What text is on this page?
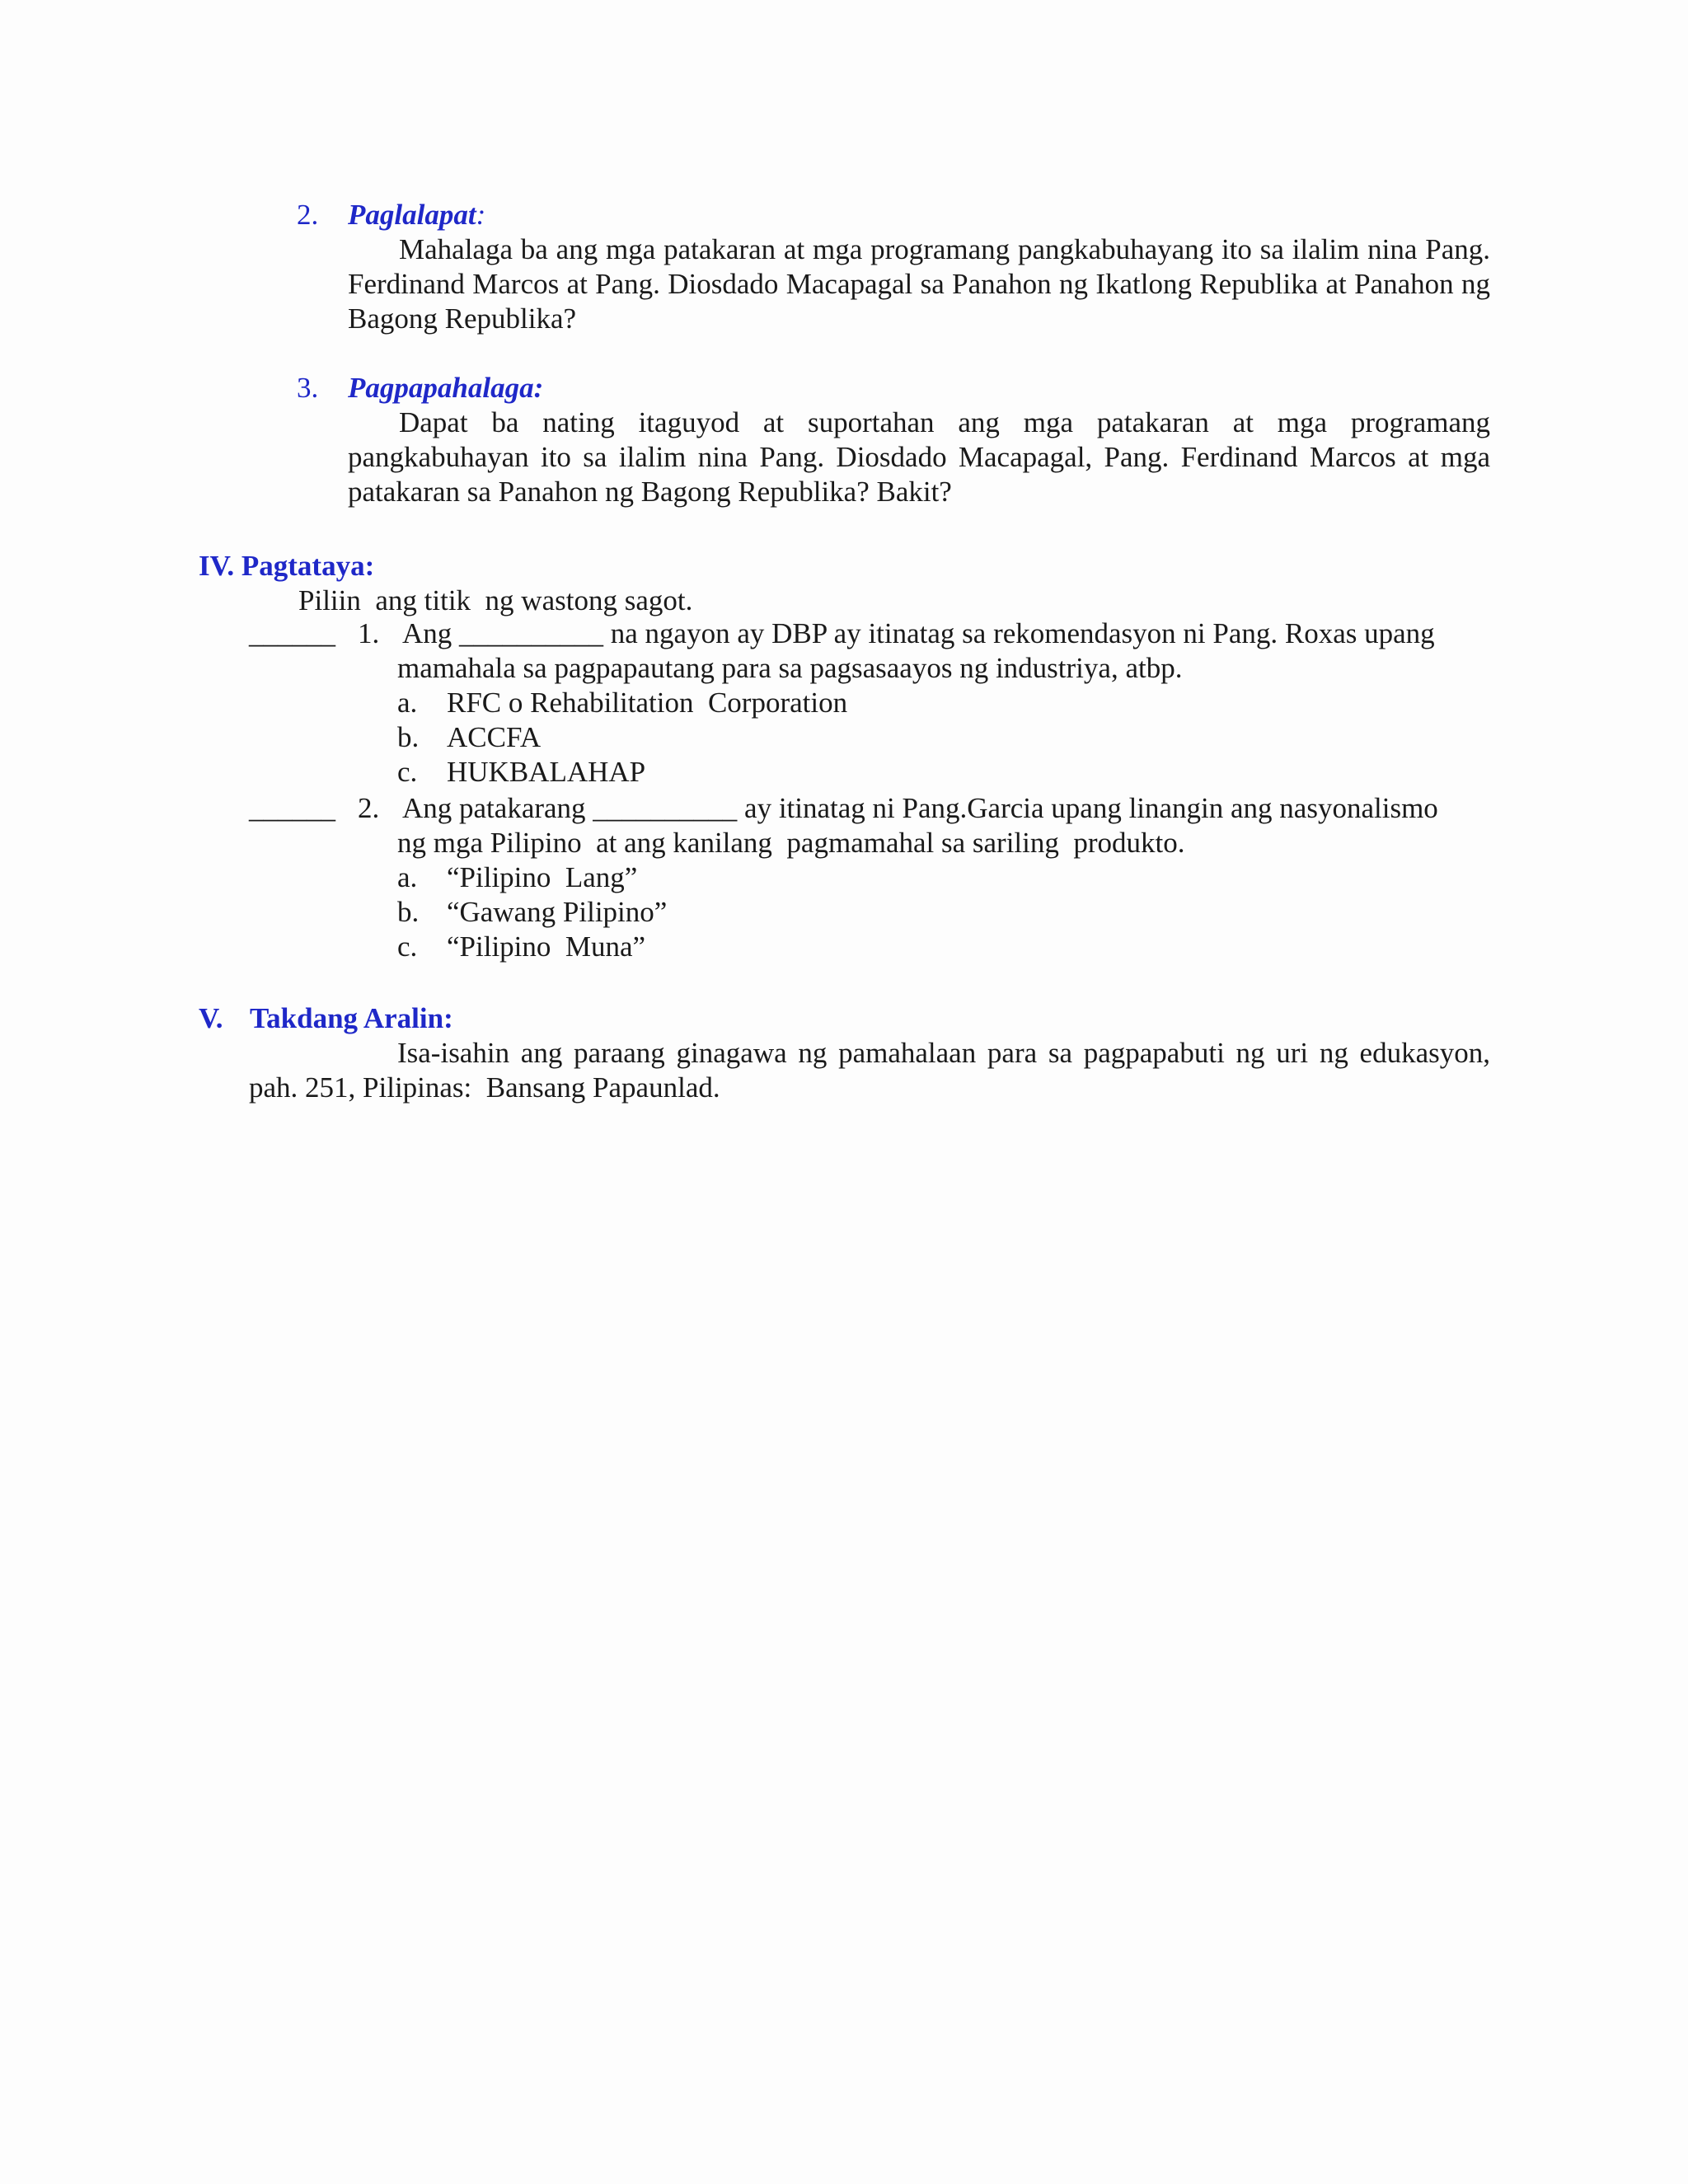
2. Paglalapat:
Mahalaga ba ang mga patakaran at mga programang pangkabuhayang ito sa ilalim nina Pang. Ferdinand Marcos at Pang. Diosdado Macapagal sa Panahon ng Ikatlong Republika at Panahon ng Bagong Republika?
3. Pagpapahalaga:
Dapat ba nating itaguyod at suportahan ang mga patakaran at mga programang pangkabuhayan ito sa ilalim nina Pang. Diosdado Macapagal, Pang. Ferdinand Marcos at mga patakaran sa Panahon ng Bagong Republika? Bakit?
IV. Pagtataya:
Piliin  ang titik  ng wastong sagot.
______ 1. Ang __________ na ngayon ay DBP ay itinatag sa rekomendasyon ni Pang. Roxas upang
mamahala sa pagpapautang para sa pagsasaayos ng industriya, atbp.
a. RFC o Rehabilitation  Corporation
b. ACCFA
c. HUKBALAHAP
______ 2. Ang patakarang __________ ay itinatag ni Pang.Garcia upang linangin ang nasyonalismo
ng mga Pilipino  at ang kanilang  pagmamahal sa sariling  produkto.
a. “Pilipino  Lang”
b. “Gawang Pilipino”
c. “Pilipino  Muna”
V. Takdang Aralin:
Isa-isahin ang paraang ginagawa ng pamahalaan para sa pagpapabuti ng uri ng edukasyon, pah. 251, Pilipinas:  Bansang Papaunlad.
